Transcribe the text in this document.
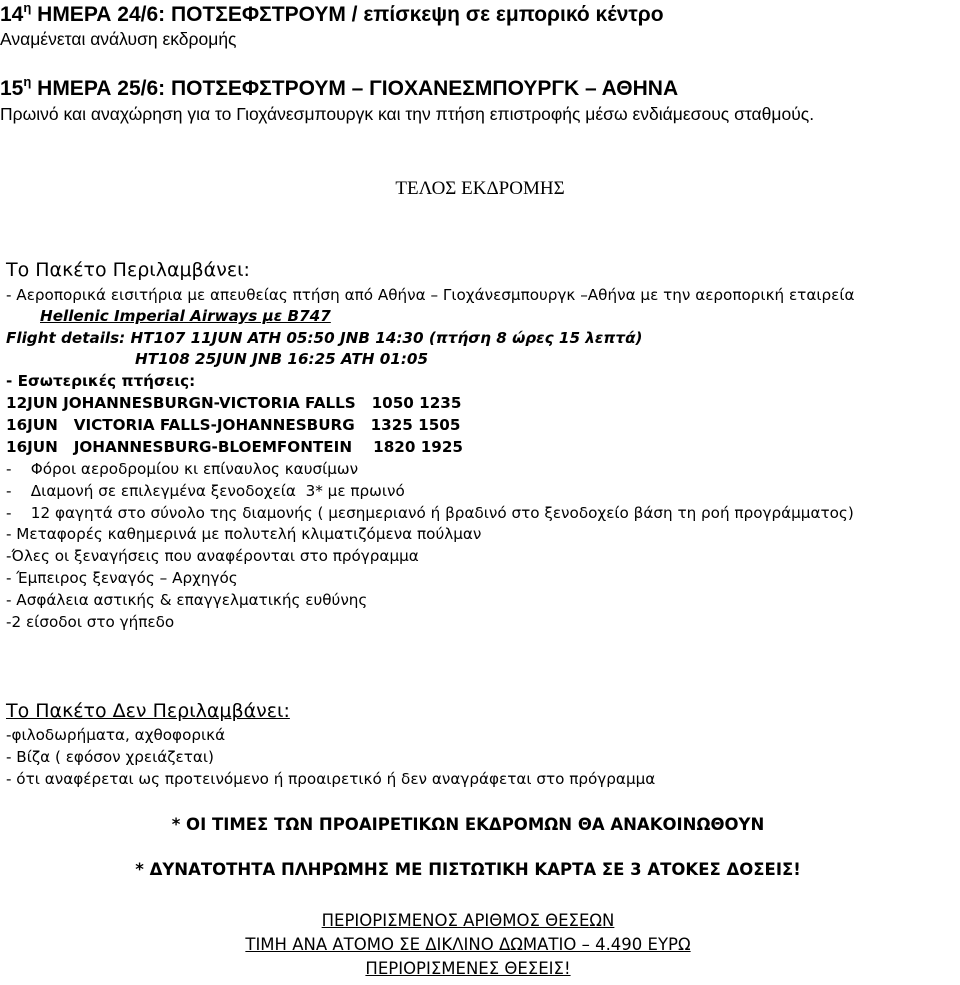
$14^\eta$ ΗΜΕΡΑ 24/6: ΠΟΤΣΕΦΣΤΡΟΥΜ / επίσκεψη σε εμπορικό κέντρο
Αναμένεται ανάλυση εκδρομής
$15^\eta$ ΗΜΕΡΑ 25/6: ΠΟΤΣΕΦΣΤΡΟΥΜ – ΓΙΟΧΑΝΕΣΜΠΟΥΡΓΚ – ΑΘΗΝΑ
Πρωινό και αναχώρηση για το Γιοχάνεσμπουργκ και την πτήση επιστροφής μέσω ενδιάμεσους σταθμούς.
ΤΕΛΟΣ ΕΚΔΡΟΜΗΣ
Το Πακέτο Περιλαμβάνει:
- Αεροπορικά εισιτήρια με απευθείας πτήση από Αθήνα – Γιοχάνεσμπουργκ –Αθήνα με την αεροπορική εταιρεία
Hellenic Imperial Airways με B747
Flight details: HT107 11JUN ATH 05:50 JNB 14:30 (πτήση 8 ώρες 15 λεπτά)
HT108 25JUN JNB 16:25 ATH 01:05
- Εσωτερικές πτήσεις:
12JUN JOHANNESBURGN-VICTORIA FALLS   1050 1235
16JUN   VICTORIA FALLS-JOHANNESBURG   1325 1505
16JUN   JOHANNESBURG-BLOEMFONTEIN    1820 1925
-    Φόροι αεροδρομίου κι επίναυλος καυσίμων
-    Διαμονή σε επιλεγμένα ξενοδοχεία  3* με πρωινό
-    12 φαγητά στο σύνολο της διαμονής ( μεσημεριανό ή βραδινό στο ξενοδοχείο βάση τη ροή προγράμματος)
- Μεταφορές καθημερινά με πολυτελή κλιματιζόμενα πούλμαν
-Όλες οι ξεναγήσεις που αναφέρονται στο πρόγραμμα
- Έμπειρος ξεναγός – Αρχηγός
- Ασφάλεια αστικής & επαγγελματικής ευθύνης
-2 είσοδοι στο γήπεδο
Το Πακέτο Δεν Περιλαμβάνει:
-φιλοδωρήματα, αχθοφορικά
- Βίζα ( εφόσον χρειάζεται)
- ότι αναφέρεται ως προτεινόμενο ή προαιρετικό ή δεν αναγράφεται στο πρόγραμμα
* ΟΙ ΤΙΜΕΣ ΤΩΝ ΠΡΟΑΙΡΕΤΙΚΩΝ ΕΚΔΡΟΜΩΝ ΘΑ ΑΝΑΚΟΙΝΩΘΟΥΝ
* ΔΥΝΑΤΟΤΗΤΑ ΠΛΗΡΩΜΗΣ ΜΕ ΠΙΣΤΩΤΙΚΗ ΚΑΡΤΑ ΣΕ 3 ΑΤΟΚΕΣ ΔΟΣΕΙΣ!
ΠΕΡΙΟΡΙΣΜΕΝΟΣ ΑΡΙΘΜΟΣ ΘΕΣΕΩΝ
ΤΙΜΗ ΑΝΑ ΑΤΟΜΟ ΣΕ ΔΙΚΛΙΝΟ ΔΩΜΑΤΙΟ – 4.490 ΕΥΡΩ
ΠΕΡΙΟΡΙΣΜΕΝΕΣ ΘΕΣΕΙΣ!
